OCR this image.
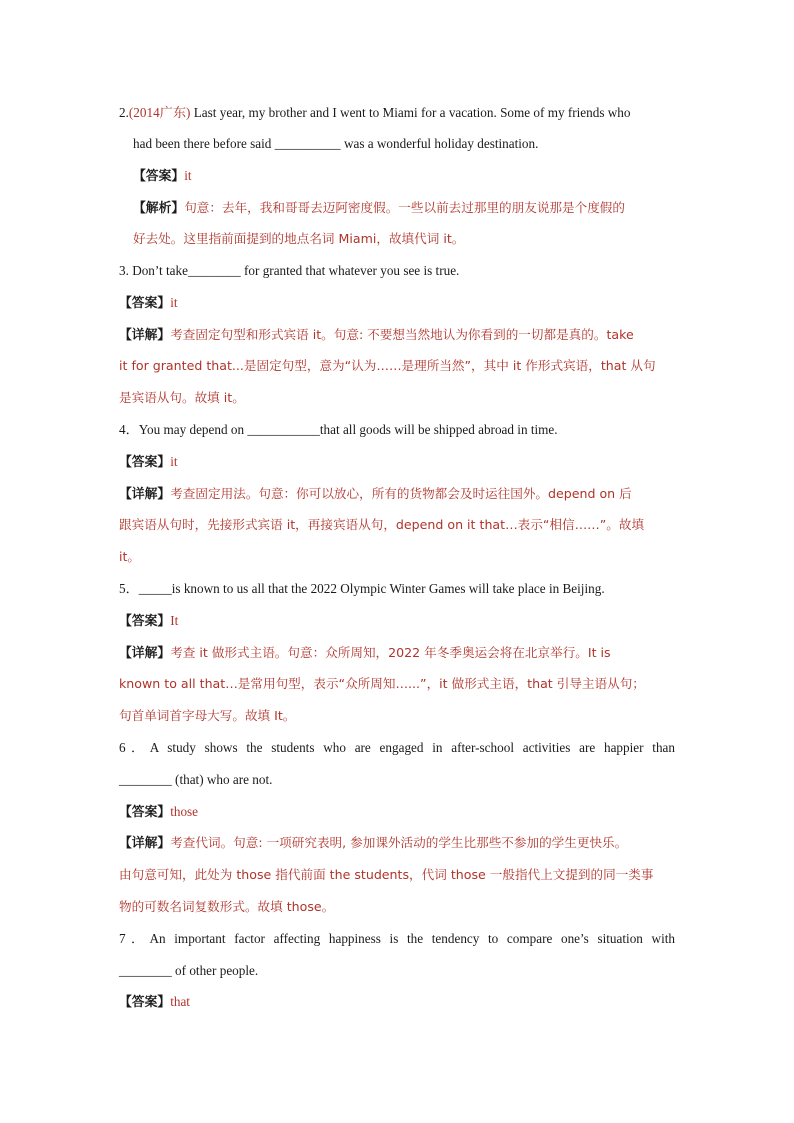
2.(2014广东) Last year, my brother and I went to Miami for a vacation. Some of my friends who
had been there before said __________ was a wonderful holiday destination.
【答案】it
【解析】句意：去年，我和哥哥去迈阿密度假。一些以前去过那里的朋友说那是个度假的
好去处。这里指前面提到的地点名词 Miami，故填代词 it。
3. Don’t take________ for granted that whatever you see is true.
【答案】it
【详解】考查固定句型和形式宾语 it。句意: 不要想当然地认为你看到的一切都是真的。take
it for granted that...是固定句型，意为“认为……是理所当然”，其中 it 作形式宾语，that 从句
是宾语从句。故填 it。
4．You may depend on ___________that all goods will be shipped abroad in time.
【答案】it
【详解】考查固定用法。句意：你可以放心，所有的货物都会及时运往国外。depend on 后
跟宾语从句时，先接形式宾语 it，再接宾语从句，depend on it that…表示“相信……”。故填
it。
5．_____is known to us all that the 2022 Olympic Winter Games will take place in Beijing.
【答案】It
【详解】考查 it 做形式主语。句意：众所周知，2022 年冬季奥运会将在北京举行。It is
known to all that…是常用句型，表示“众所周知…...”，it 做形式主语，that 引导主语从句；
句首单词首字母大写。故填 It。
6．A study shows the students who are engaged in after-school activities are happier than
________ (that) who are not.
【答案】those
【详解】考查代词。句意: 一项研究表明, 参加课外活动的学生比那些不参加的学生更快乐。
由句意可知，此处为 those 指代前面 the students，代词 those 一般指代上文提到的同一类事
物的可数名词复数形式。故填 those。
7．An important factor affecting happiness is the tendency to compare one’s situation with
________ of other people.
【答案】that
